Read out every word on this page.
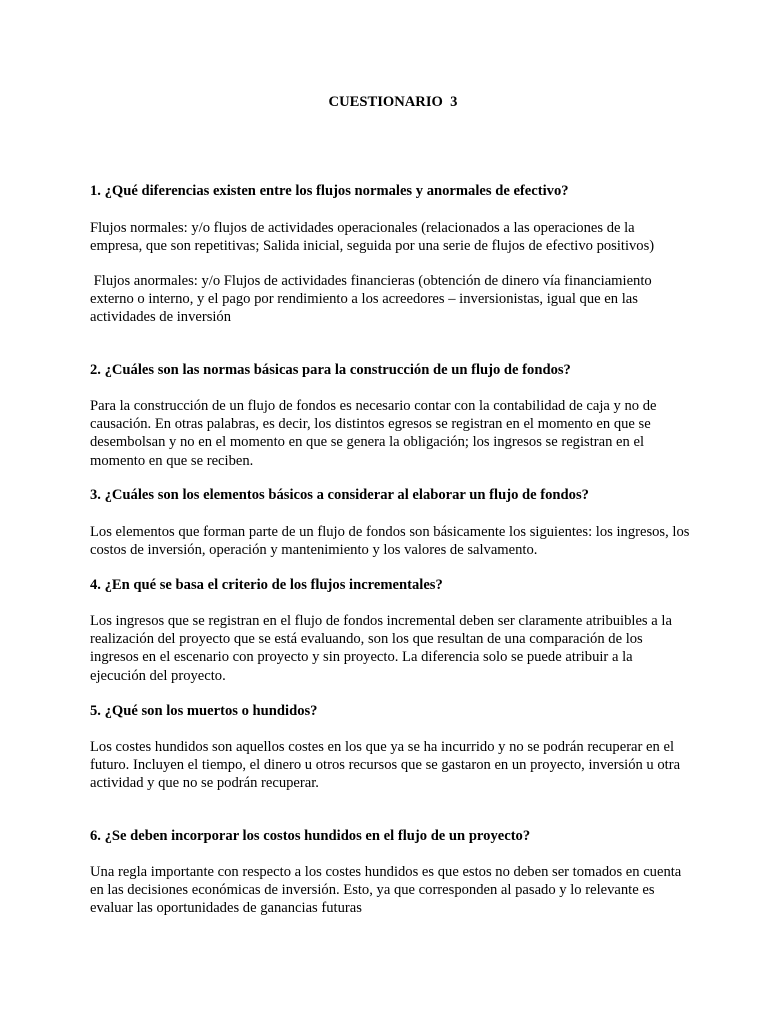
CUESTIONARIO  3
1. ¿Qué diferencias existen entre los flujos normales y anormales de efectivo?
Flujos normales: y/o flujos de actividades operacionales (relacionados a las operaciones de la empresa, que son repetitivas; Salida inicial, seguida por una serie de flujos de efectivo positivos)
Flujos anormales: y/o Flujos de actividades financieras (obtención de dinero vía financiamiento externo o interno, y el pago por rendimiento a los acreedores – inversionistas, igual que en las actividades de inversión
2. ¿Cuáles son las normas básicas para la construcción de un flujo de fondos?
Para la construcción de un flujo de fondos es necesario contar con la contabilidad de caja y no de causación. En otras palabras, es decir, los distintos egresos se registran en el momento en que se desembolsan y no en el momento en que se genera la obligación; los ingresos se registran en el momento en que se reciben.
3. ¿Cuáles son los elementos básicos a considerar al elaborar un flujo de fondos?
Los elementos que forman parte de un flujo de fondos son básicamente los siguientes: los ingresos, los costos de inversión, operación y mantenimiento y los valores de salvamento.
4. ¿En qué se basa el criterio de los flujos incrementales?
Los ingresos que se registran en el flujo de fondos incremental deben ser claramente atribuibles a la realización del proyecto que se está evaluando, son los que resultan de una comparación de los ingresos en el escenario con proyecto y sin proyecto. La diferencia solo se puede atribuir a la ejecución del proyecto.
5. ¿Qué son los muertos o hundidos?
Los costes hundidos son aquellos costes en los que ya se ha incurrido y no se podrán recuperar en el futuro. Incluyen el tiempo, el dinero u otros recursos que se gastaron en un proyecto, inversión u otra actividad y que no se podrán recuperar.
6. ¿Se deben incorporar los costos hundidos en el flujo de un proyecto?
Una regla importante con respecto a los costes hundidos es que estos no deben ser tomados en cuenta en las decisiones económicas de inversión. Esto, ya que corresponden al pasado y lo relevante es evaluar las oportunidades de ganancias futuras
